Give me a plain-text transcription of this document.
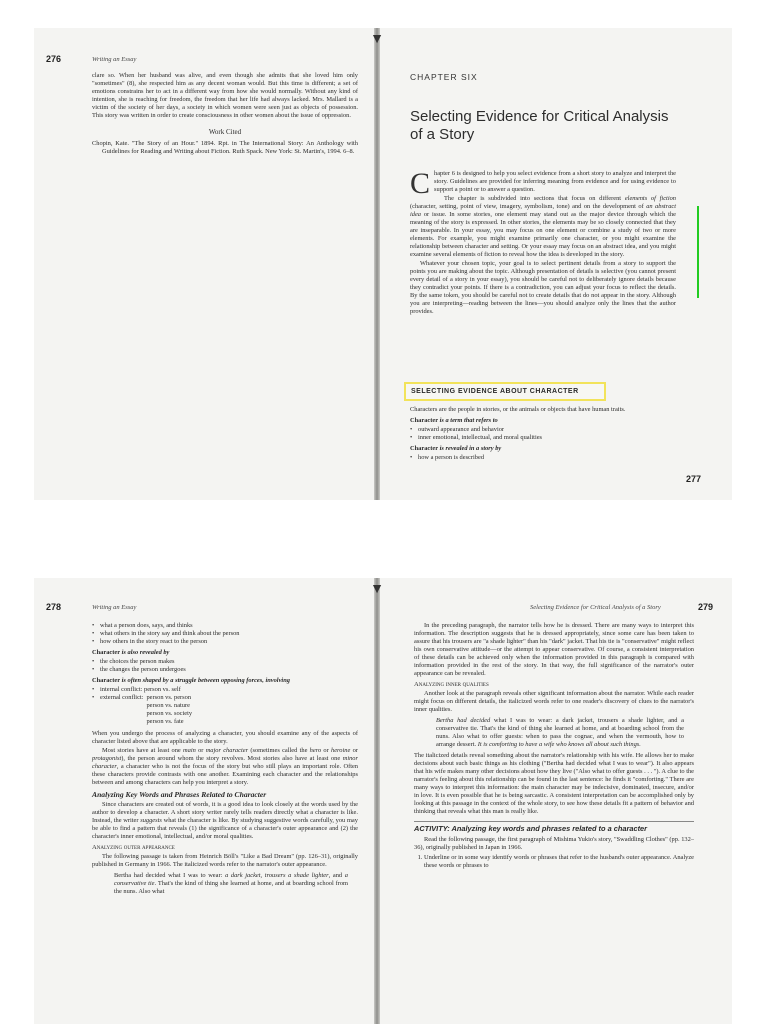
276	Writing an Essay

clare so. When her husband was alive, and even though she admits that she loved him only "sometimes" (8), she respected him as any decent woman would. But this time is different; a set of emotions constrains her to act in a different way from how she would normally. Without any kind of intention, she is reaching for freedom, the freedom that her life had always lacked. Mrs. Mallard is a victim of the society of her days, a society in which women were seen just as objects of possession. This story was written in order to create consciousness in other women about the issue of oppression.

Work Cited

Chopin, Kate. "The Story of an Hour." 1894. Rpt. in The International Story: An Anthology with Guidelines for Reading and Writing about Fiction. Ruth Spack. New York: St. Martin's, 1994. 6–8.

▼
CHAPTER SIX
Selecting Evidence for Critical Analysis of a Story

Chapter 6 is designed to help you select evidence from a short story to analyze and interpret the story. Guidelines are provided for inferring meaning from evidence and for using evidence to support a point or to answer a question.

The chapter is subdivided into sections that focus on different elements of fiction (character, setting, point of view, imagery, symbolism, tone) and on the development of an abstract idea or issue. In some stories, one element may stand out as the major device through which the meaning of the story is expressed. In other stories, the elements may be so closely connected that they are inseparable. In your essay, you may focus on one element or combine a study of two or more elements. For example, you might examine primarily one character, or you might examine the relationship between character and setting. Or your essay may focus on an abstract idea, and you might examine several elements of fiction to reveal how the idea is developed in the story.

Whatever your chosen topic, your goal is to select pertinent details from a story to support the points you are making about the topic. Although presentation of details is selective (you cannot present every detail of a story in your essay), you should be careful not to deliberately ignore details because they contradict your points. If there is a contradiction, you can adjust your focus to reflect the details. By the same token, you should be careful not to create details that do not appear in the story. Although you are interpreting—reading between the lines—you should analyze only the lines that the author provides.

SELECTING EVIDENCE ABOUT CHARACTER

Characters are the people in stories, or the animals or objects that have human traits.

Character is a term that refers to

• outward appearance and behavior
• inner emotional, intellectual, and moral qualities

Character is revealed in a story by

• how a person is described
277
278	Writing an Essay
• what a person does, says, and thinks
• what others in the story say and think about the person
• how others in the story react to the person

Character is also revealed by

• the choices the person makes
• the changes the person undergoes

Character is often shaped by a struggle between opposing forces, involving

• internal conflict: person vs. self
• external conflict:	person vs. person
	person vs. nature
	person vs. society
	person vs. fate

When you undergo the process of analyzing a character, you should examine any of the aspects of character listed above that are applicable to the story.

Most stories have at least one main or major character (sometimes called the hero or heroine or protagonist), the person around whom the story revolves. Most stories also have at least one minor character, a character who is not the focus of the story but who still plays an important role. Often these characters provide contrasts with one another. Examining each character and the relationships between and among characters can help you interpret a story.

Analyzing Key Words and Phrases Related to Character

Since characters are created out of words, it is a good idea to look closely at the words used by the author to develop a character. A short story writer rarely tells readers directly what a character is like. Instead, the writer suggests what the character is like. By studying suggestive words carefully, you may be able to find a pattern that reveals (1) the significance of a character's outer appearance and (2) the character's inner emotional, intellectual, and/or moral qualities.

Analyzing outer appearance

The following passage is taken from Heinrich Böll's "Like a Bad Dream" (pp. 126–31), originally published in Germany in 1966. The italicized words refer to the narrator's outer appearance.

Bertha had decided what I was to wear: a dark jacket, trousers a shade lighter, and a conservative tie. That's the kind of thing she learned at home, and at boarding school from the nuns. Also what

▼
Selecting Evidence for Critical Analysis of a Story	279

In the preceding paragraph, the narrator tells how he is dressed. There are many ways to interpret this information. The description suggests that he is dressed appropriately, since some care has been taken to assure that his trousers are "a shade lighter" than his "dark" jacket. That his tie is "conservative" might reflect his own conservative attitude—or the attempt to appear conservative. Of course, a consistent interpretation of these details can be achieved only when the information provided in this paragraph is compared with information provided in the rest of the story. In that way, the full significance of the narrator's outer appearance can be revealed.

Analyzing inner qualities

Another look at the paragraph reveals other significant information about the narrator. While each reader might focus on different details, the italicized words refer to one reader's discovery of clues to the narrator's inner qualities.

Bertha had decided what I was to wear: a dark jacket, trousers a shade lighter, and a conservative tie. That's the kind of thing she learned at home, and at boarding school from the nuns. Also what to offer guests: when to pass the cognac, and when the vermouth, how to arrange dessert. It is comforting to have a wife who knows all about such things.

The italicized details reveal something about the narrator's relationship with his wife. He allows her to make decisions about such basic things as his clothing ("Bertha had decided what I was to wear"). It also appears that his wife makes many other decisions about how they live ("Also what to offer guests . . . "). A clue to the narrator's feeling about this relationship can be found in the last sentence: he finds it "comforting." There are many ways to interpret this information: the main character may be indecisive, dominated, insecure, and/or in love. It is even possible that he is being sarcastic. A consistent interpretation can be accomplished only by looking at this passage in the context of the whole story, to see how these details fit a pattern of behavior and thinking that reveals what this man is really like.

ACTIVITY: Analyzing key words and phrases related to a character

Read the following passage, the first paragraph of Mishima Yukio's story, "Swaddling Clothes" (pp. 132–36), originally published in Japan in 1966.

1. Underline or in some way identify words or phrases that refer to the husband's outer appearance. Analyze these words or phrases to
